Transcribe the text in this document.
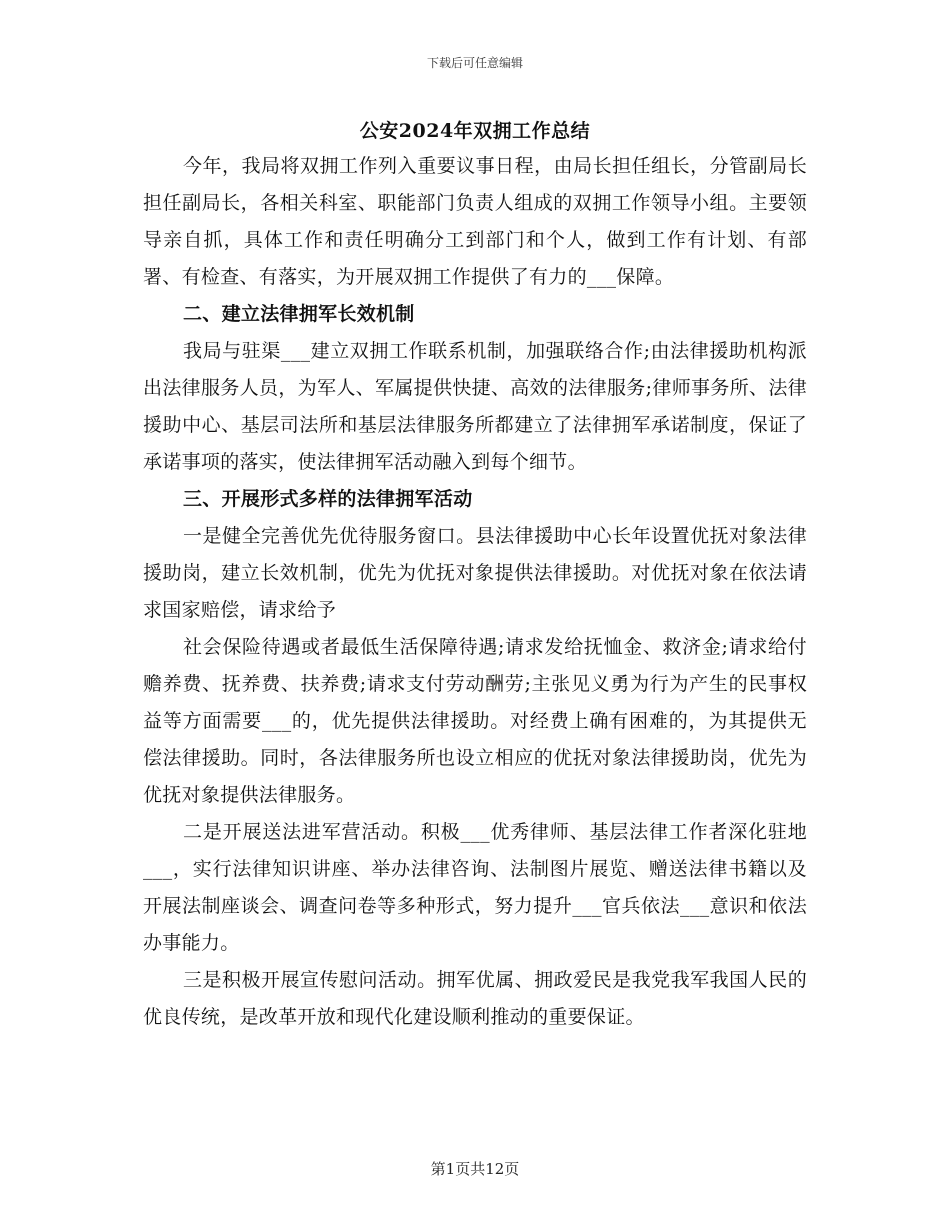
下载后可任意编辑
公安2024年双拥工作总结

今年，我局将双拥工作列入重要议事日程，由局长担任组长，分管副局长担任副局长，各相关科室、职能部门负责人组成的双拥工作领导小组。主要领导亲自抓，具体工作和责任明确分工到部门和个人，做到工作有计划、有部署、有检查、有落实，为开展双拥工作提供了有力的___保障。

二、建立法律拥军长效机制

我局与驻渠___建立双拥工作联系机制，加强联络合作;由法律援助机构派出法律服务人员，为军人、军属提供快捷、高效的法律服务;律师事务所、法律援助中心、基层司法所和基层法律服务所都建立了法律拥军承诺制度，保证了承诺事项的落实，使法律拥军活动融入到每个细节。

三、开展形式多样的法律拥军活动

一是健全完善优先优待服务窗口。县法律援助中心长年设置优抚对象法律援助岗，建立长效机制，优先为优抚对象提供法律援助。对优抚对象在依法请求国家赔偿，请求给予

社会保险待遇或者最低生活保障待遇;请求发给抚恤金、救济金;请求给付赡养费、抚养费、扶养费;请求支付劳动酬劳;主张见义勇为行为产生的民事权益等方面需要___的，优先提供法律援助。对经费上确有困难的，为其提供无偿法律援助。同时，各法律服务所也设立相应的优抚对象法律援助岗，优先为优抚对象提供法律服务。

二是开展送法进军营活动。积极___优秀律师、基层法律工作者深化驻地___，实行法律知识讲座、举办法律咨询、法制图片展览、赠送法律书籍以及开展法制座谈会、调查问卷等多种形式，努力提升___官兵依法___意识和依法办事能力。

三是积极开展宣传慰问活动。拥军优属、拥政爱民是我党我军我国人民的优良传统，是改革开放和现代化建设顺利推动的重要保证。

第1页共12页
